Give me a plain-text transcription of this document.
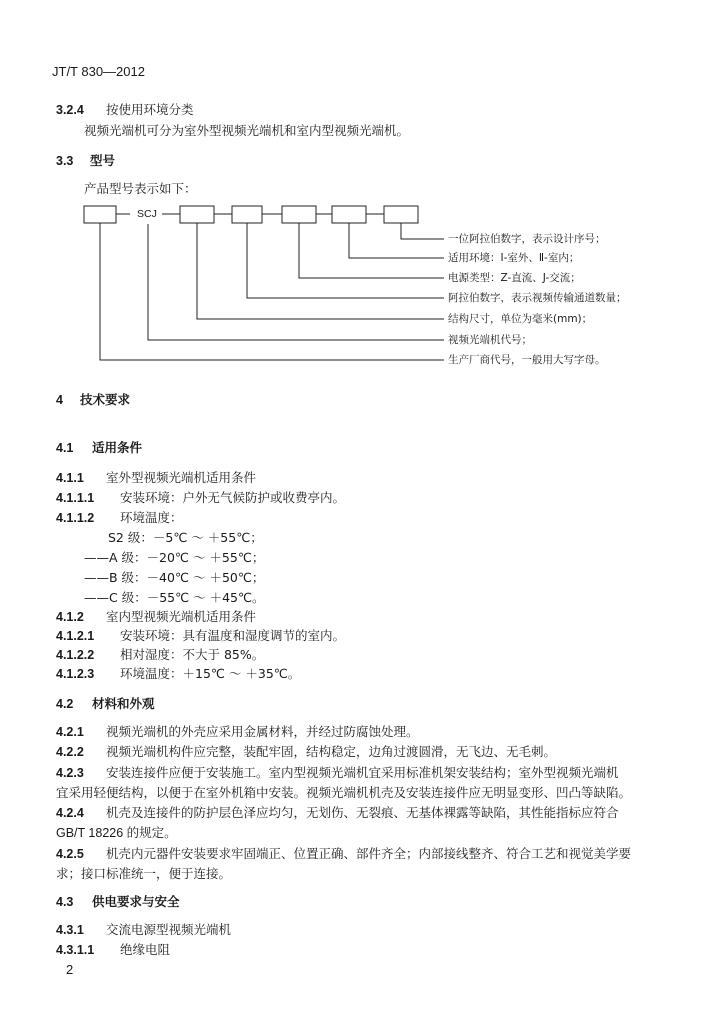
JT/T 830—2012
3.2.4 按使用环境分类
视频光端机可分为室外型视频光端机和室内型视频光端机。
3.3 型号
产品型号表示如下：
SCJ
一位阿拉伯数字，表示设计序号；
适用环境：Ⅰ-室外、Ⅱ-室内；
电源类型：Z-直流、J-交流；
阿拉伯数字，表示视频传输通道数量；
结构尺寸，单位为毫米(mm)；
视频光端机代号；
生产厂商代号，一般用大写字母。
4 技术要求
4.1 适用条件
4.1.1 室外型视频光端机适用条件
4.1.1.1 安装环境：户外无气候防护或收费亭内。
4.1.1.2 环境温度：
S2 级：－5℃ ～ ＋55℃；
——A 级：－20℃ ～ ＋55℃；
——B 级：－40℃ ～ ＋50℃；
——C 级：－55℃ ～ ＋45℃。
4.1.2 室内型视频光端机适用条件
4.1.2.1 安装环境：具有温度和湿度调节的室内。
4.1.2.2 相对湿度：不大于 85%。
4.1.2.3 环境温度：＋15℃ ～ ＋35℃。
4.2 材料和外观
4.2.1 视频光端机的外壳应采用金属材料，并经过防腐蚀处理。
4.2.2 视频光端机构件应完整，装配牢固，结构稳定，边角过渡圆滑，无飞边、无毛刺。
4.2.3 安装连接件应便于安装施工。室内型视频光端机宜采用标准机架安装结构；室外型视频光端机
宜采用轻便结构，以便于在室外机箱中安装。视频光端机机壳及安装连接件应无明显变形、凹凸等缺陷。
4.2.4 机壳及连接件的防护层色泽应均匀，无划伤、无裂痕、无基体裸露等缺陷，其性能指标应符合
GB/T 18226 的规定。
4.2.5 机壳内元器件安装要求牢固端正、位置正确、部件齐全；内部接线整齐、符合工艺和视觉美学要
求；接口标准统一，便于连接。
4.3 供电要求与安全
4.3.1 交流电源型视频光端机
4.3.1.1 绝缘电阻
2
